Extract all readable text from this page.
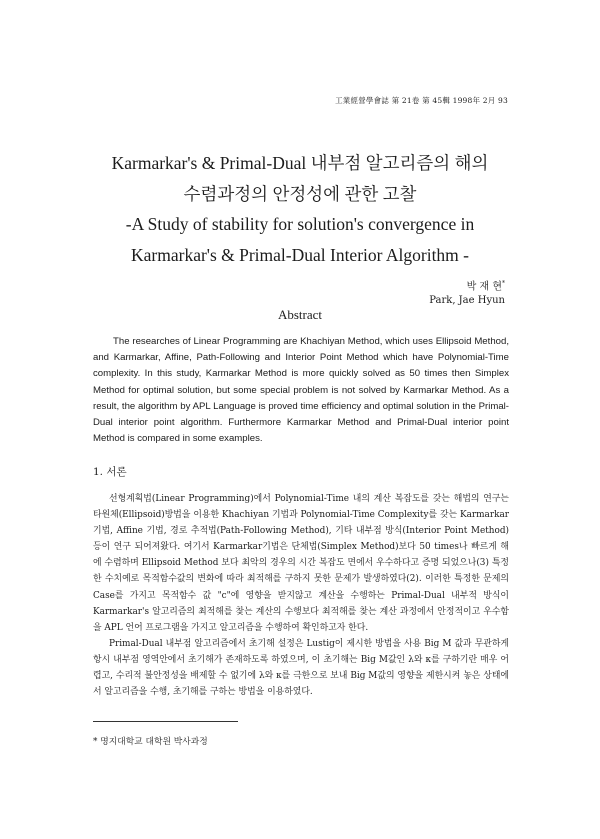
工業經營學會誌 第 21卷 第 45輯 1998年 2月 93
Karmarkar's & Primal-Dual 내부점 알고리즘의 해의
수렴과정의 안정성에 관한 고찰
-A Study of stability for solution's convergence in
Karmarkar's & Primal-Dual Interior Algorithm -
박 재 현*
Park, Jae Hyun
Abstract
The researches of Linear Programming are Khachiyan Method, which uses Ellipsoid Method, and Karmarkar, Affine, Path-Following and Interior Point Method which have Polynomial-Time complexity. In this study, Karmarkar Method is more quickly solved as 50 times then Simplex Method for optimal solution, but some special problem is not solved by Karmarkar Method. As a result, the algorithm by APL Language is proved time efficiency and optimal solution in the Primal-Dual interior point algorithm. Furthermore Karmarkar Method and Primal-Dual interior point Method is compared in some examples.
1. 서론

선형계획법(Linear Programming)에서 Polynomial-Time 내의 계산 복잡도를 갖는 해법의 연구는 타원체(Ellipsoid)방법을 이용한 Khachiyan 기법과 Polynomial-Time Complexity를 갖는 Karmarkar 기법, Affine 기법, 경로 추적법(Path-Following Method), 기타 내부점 방식(Interior Point Method) 등이 연구 되어져왔다. 여기서 Karmarkar기법은 단체법(Simplex Method)보다 50 times나 빠르게 해에 수렴하며 Ellipsoid Method 보다 최악의 경우의 시간 복잡도 면에서 우수하다고 증명 되었으나(3) 특정한 수치예로 목적함수값의 변화에 따라 최적해를 구하지 못한 문제가 발생하였다(2). 이러한 특정한 문제의 Case를 가지고 목적함수 값 "c"에 영향을 받지않고 계산을 수행하는 Primal-Dual 내부적 방식이 Karmarkar's 알고리즘의 최적해를 찾는 계산의 수행보다 최적해를 찾는 계산 과정에서 안정적이고 우수함을 APL 언어 프로그램을 가지고 알고리즘을 수행하여 확인하고자 한다.

Primal-Dual 내부점 알고리즘에서 초기해 설정은 Lustig이 제시한 방법을 사용 Big M 값과 무관하게 항시 내부점 영역안에서 초기해가 존재하도록 하였으며, 이 초기해는 Big M값인 λ와 κ를 구하기란 매우 어렵고, 수리적 불안정성을 배제할 수 없기에 λ와 κ를 극한으로 보내 Big M값의 영향을 제한시켜 놓은 상태에서 알고리즘을 수행, 초기해를 구하는 방법을 이용하였다.

* 명지대학교 대학원 박사과정
